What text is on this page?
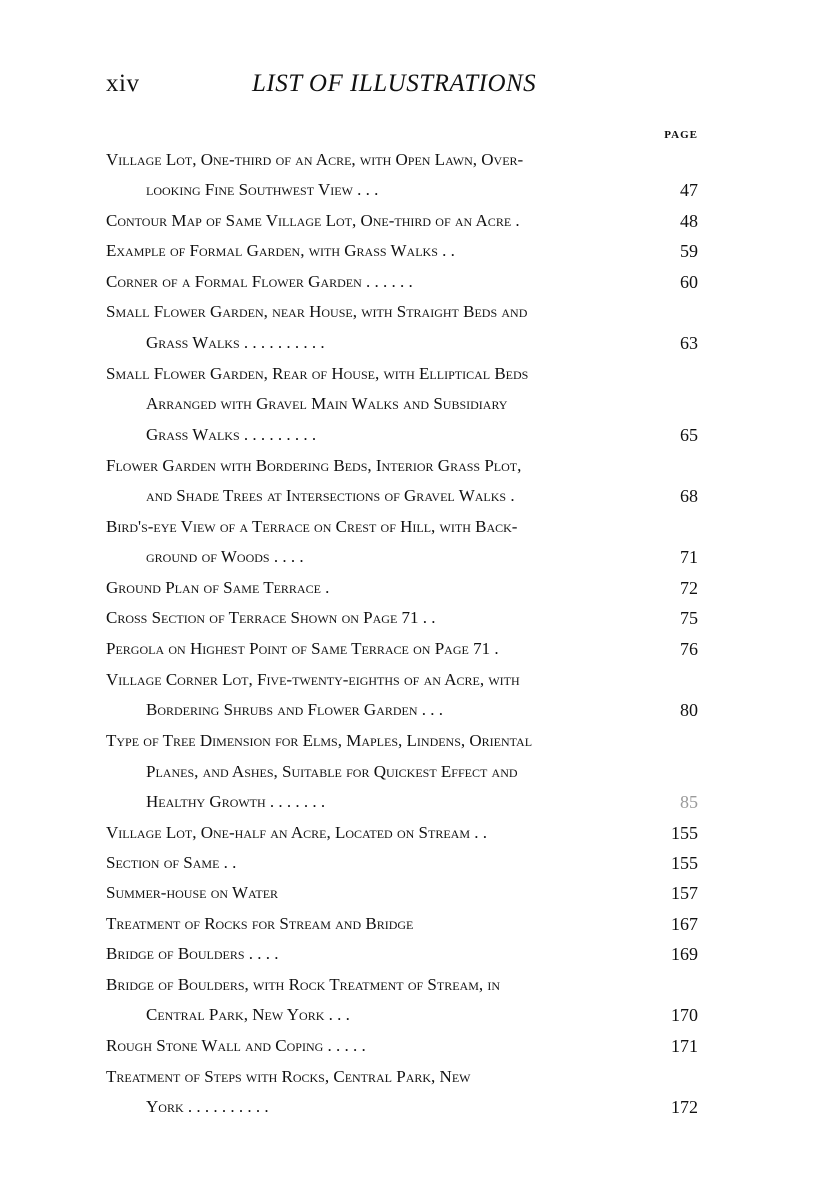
xiv	LIST OF ILLUSTRATIONS
PAGE
Village Lot, One-third of an Acre, with Open Lawn, Over-
looking Fine Southwest View . . .	47
Contour Map of Same Village Lot, One-third of an Acre .	48
Example of Formal Garden, with Grass Walks . .	59
Corner of a Formal Flower Garden . . . . . .	60
Small Flower Garden, near House, with Straight Beds and
Grass Walks . . . . . . . . . .	63
Small Flower Garden, Rear of House, with Elliptical Beds
Arranged with Gravel Main Walks and Subsidiary
Grass Walks . . . . . . . . .	65
Flower Garden with Bordering Beds, Interior Grass Plot,
and Shade Trees at Intersections of Gravel Walks .	68
Bird's-eye View of a Terrace on Crest of Hill, with Back-
ground of Woods . . . .	71
Ground Plan of Same Terrace .	72
Cross Section of Terrace Shown on Page 71 . .	75
Pergola on Highest Point of Same Terrace on Page 71 .	76
Village Corner Lot, Five-twenty-eighths of an Acre, with
Bordering Shrubs and Flower Garden . . .	80
Type of Tree Dimension for Elms, Maples, Lindens, Oriental
Planes, and Ashes, Suitable for Quickest Effect and
Healthy Growth . . . . . . .	85
Village Lot, One-half an Acre, Located on Stream . .	155
Section of Same . .	155
Summer-house on Water	157
Treatment of Rocks for Stream and Bridge	167
Bridge of Boulders . . . .	169
Bridge of Boulders, with Rock Treatment of Stream, in
Central Park, New York . . .	170
Rough Stone Wall and Coping . . . . .	171
Treatment of Steps with Rocks, Central Park, New
York . . . . . . . . . .	172
